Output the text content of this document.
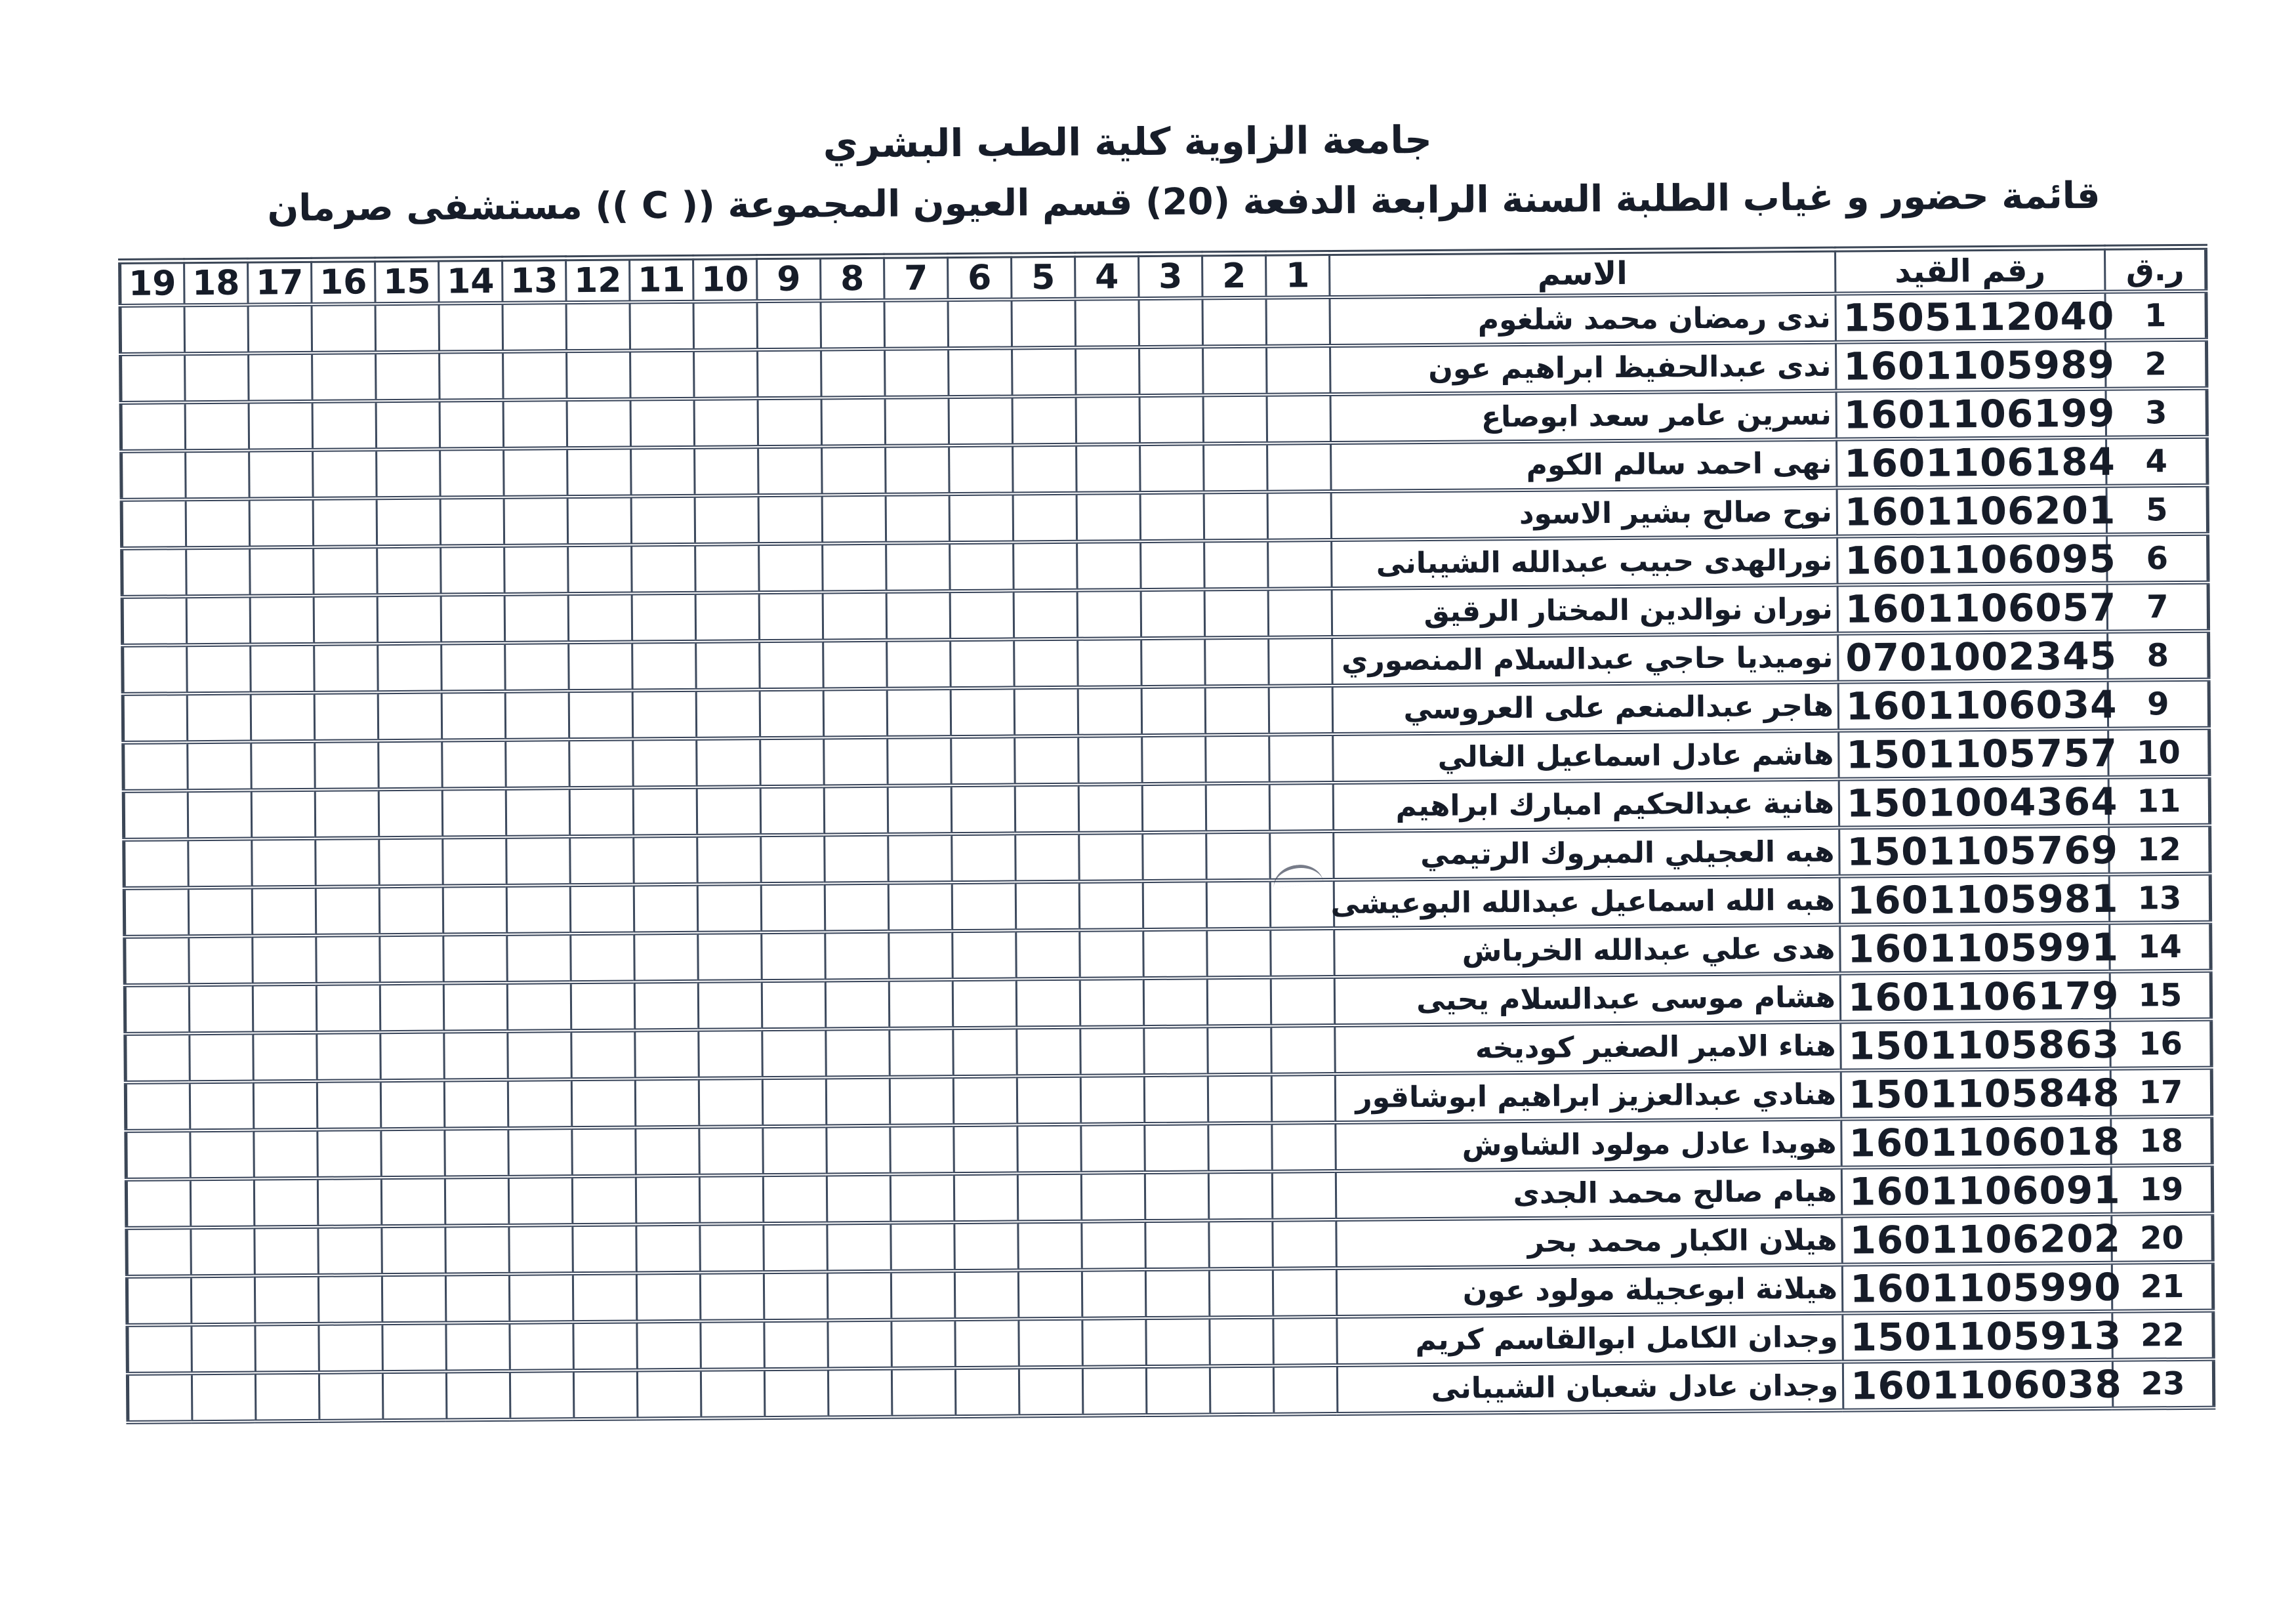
جامعة الزاوية كلية الطب البشري
قائمة حضور و غياب الطلبة السنة الرابعة الدفعة (20) قسم العيون المجموعة (( C )) مستشفى صرمان
ر.ق	رقم القيد	الاسم	1	2	3	4	5	6	7	8	9	10	11	12	13	14	15	16	17	18	19
1	1505112040	ندى رمضان محمد شلغوم																			
2	1601105989	ندى عبدالحفيظ ابراهيم عون																			
3	1601106199	نسرين عامر سعد ابوصاع																			
4	1601106184	نهى احمد سالم الكوم																			
5	1601106201	نوح صالح بشير الاسود																			
6	1601106095	نورالهدى حبيب عبدالله الشيبانى																			
7	1601106057	نوران نوالدين المختار الرقيق																			
8	0701002345	نوميديا حاجي عبدالسلام المنصوري																			
9	1601106034	هاجر عبدالمنعم على العروسي																			
10	1501105757	هاشم عادل اسماعيل الغالي																			
11	1501004364	هانية عبدالحكيم امبارك ابراهيم																			
12	1501105769	هبه العجيلي المبروك الرتيمي																			
13	1601105981	هبه الله اسماعيل عبدالله البوعيشى																			
14	1601105991	هدى علي عبدالله الخرباش																			
15	1601106179	هشام موسى عبدالسلام يحيى																			
16	1501105863	هناء الامير الصغير كوديخه																			
17	1501105848	هنادي عبدالعزيز ابراهيم ابوشاقور																			
18	1601106018	هويدا عادل مولود الشاوش																			
19	1601106091	هيام صالح محمد الجدى																			
20	1601106202	هيلان الكبار محمد بحر																			
21	1601105990	هيلانة ابوعجيلة مولود عون																			
22	1501105913	وجدان الكامل ابوالقاسم كريم																			
23	1601106038	وجدان عادل شعبان الشيبانى																			
